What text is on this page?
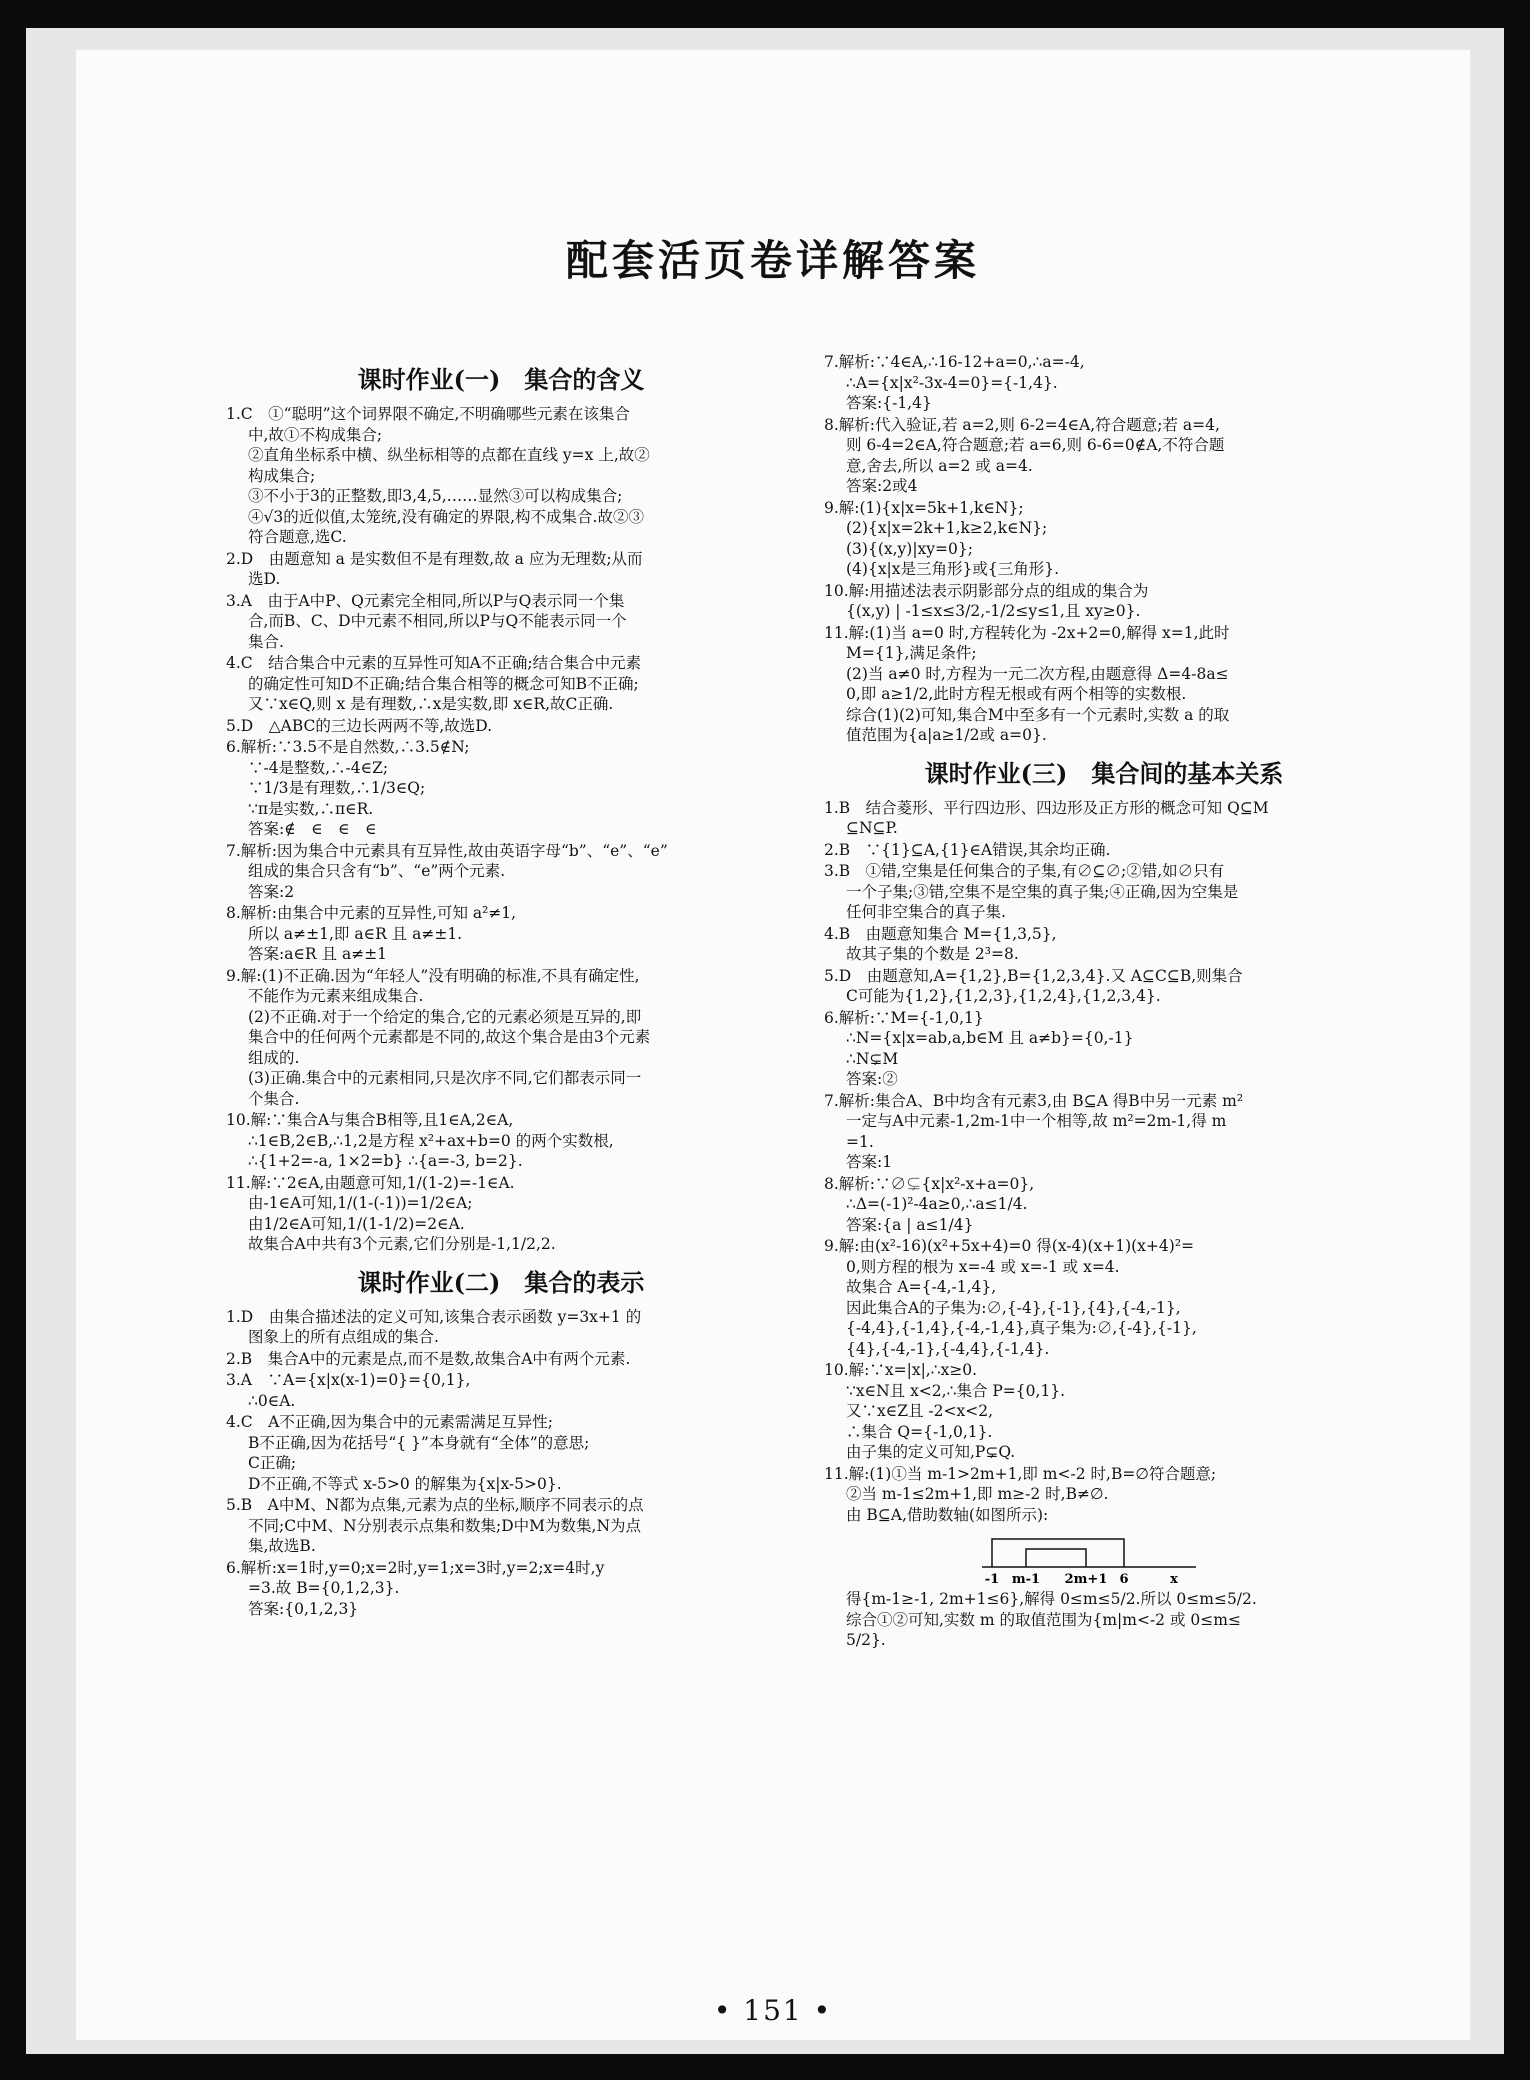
配套活页卷详解答案
课时作业(一)　集合的含义
1.C　①“聪明”这个词界限不确定,不明确哪些元素在该集合
中,故①不构成集合;
②直角坐标系中横、纵坐标相等的点都在直线 y=x 上,故②
构成集合;
③不小于3的正整数,即3,4,5,……显然③可以构成集合;
④√3的近似值,太笼统,没有确定的界限,构不成集合.故②③
符合题意,选C.
2.D　由题意知 a 是实数但不是有理数,故 a 应为无理数;从而
选D.
3.A　由于A中P、Q元素完全相同,所以P与Q表示同一个集
合,而B、C、D中元素不相同,所以P与Q不能表示同一个
集合.
4.C　结合集合中元素的互异性可知A不正确;结合集合中元素
的确定性可知D不正确;结合集合相等的概念可知B不正确;
又∵x∈Q,则 x 是有理数,∴x是实数,即 x∈R,故C正确.
5.D　△ABC的三边长两两不等,故选D.
6.解析:∵3.5不是自然数,∴3.5∉N;
∵-4是整数,∴-4∈Z;
∵1/3是有理数,∴1/3∈Q;
∵π是实数,∴π∈R.
答案:∉　∈　∈　∈
7.解析:因为集合中元素具有互异性,故由英语字母“b”、“e”、“e”
组成的集合只含有“b”、“e”两个元素.
答案:2
8.解析:由集合中元素的互异性,可知 a²≠1,
所以 a≠±1,即 a∈R 且 a≠±1.
答案:a∈R 且 a≠±1
9.解:(1)不正确.因为“年轻人”没有明确的标准,不具有确定性,
不能作为元素来组成集合.
(2)不正确.对于一个给定的集合,它的元素必须是互异的,即
集合中的任何两个元素都是不同的,故这个集合是由3个元素
组成的.
(3)正确.集合中的元素相同,只是次序不同,它们都表示同一
个集合.
10.解:∵集合A与集合B相等,且1∈A,2∈A,
∴1∈B,2∈B,∴1,2是方程 x²+ax+b=0 的两个实数根,
∴{1+2=-a, 1×2=b} ∴{a=-3, b=2}.
11.解:∵2∈A,由题意可知,1/(1-2)=-1∈A.
由-1∈A可知,1/(1-(-1))=1/2∈A;
由1/2∈A可知,1/(1-1/2)=2∈A.
故集合A中共有3个元素,它们分别是-1,1/2,2.
课时作业(二)　集合的表示
1.D　由集合描述法的定义可知,该集合表示函数 y=3x+1 的
图象上的所有点组成的集合.
2.B　集合A中的元素是点,而不是数,故集合A中有两个元素.
3.A　∵A={x|x(x-1)=0}={0,1},
∴0∈A.
4.C　A不正确,因为集合中的元素需满足互异性;
B不正确,因为花括号“{ }”本身就有“全体”的意思;
C正确;
D不正确,不等式 x-5>0 的解集为{x|x-5>0}.
5.B　A中M、N都为点集,元素为点的坐标,顺序不同表示的点
不同;C中M、N分别表示点集和数集;D中M为数集,N为点
集,故选B.
6.解析:x=1时,y=0;x=2时,y=1;x=3时,y=2;x=4时,y
=3.故 B={0,1,2,3}.
答案:{0,1,2,3}
7.解析:∵4∈A,∴16-12+a=0,∴a=-4,
∴A={x|x²-3x-4=0}={-1,4}.
答案:{-1,4}
8.解析:代入验证,若 a=2,则 6-2=4∈A,符合题意;若 a=4,
则 6-4=2∈A,符合题意;若 a=6,则 6-6=0∉A,不符合题
意,舍去,所以 a=2 或 a=4.
答案:2或4
9.解:(1){x|x=5k+1,k∈N};
(2){x|x=2k+1,k≥2,k∈N};
(3){(x,y)|xy=0};
(4){x|x是三角形}或{三角形}.
10.解:用描述法表示阴影部分点的组成的集合为
{(x,y) | -1≤x≤3/2,-1/2≤y≤1,且 xy≥0}.
11.解:(1)当 a=0 时,方程转化为 -2x+2=0,解得 x=1,此时
M={1},满足条件;
(2)当 a≠0 时,方程为一元二次方程,由题意得 Δ=4-8a≤
0,即 a≥1/2,此时方程无根或有两个相等的实数根.
综合(1)(2)可知,集合M中至多有一个元素时,实数 a 的取
值范围为{a|a≥1/2或 a=0}.
课时作业(三)　集合间的基本关系
1.B　结合菱形、平行四边形、四边形及正方形的概念可知 Q⊆M
⊆N⊆P.
2.B　∵{1}⊆A,{1}∈A错误,其余均正确.
3.B　①错,空集是任何集合的子集,有∅⊆∅;②错,如∅只有
一个子集;③错,空集不是空集的真子集;④正确,因为空集是
任何非空集合的真子集.
4.B　由题意知集合 M={1,3,5},
故其子集的个数是 2³=8.
5.D　由题意知,A={1,2},B={1,2,3,4}.又 A⊆C⊆B,则集合
C可能为{1,2},{1,2,3},{1,2,4},{1,2,3,4}.
6.解析:∵M={-1,0,1}
∴N={x|x=ab,a,b∈M 且 a≠b}={0,-1}
∴N⊊M
答案:②
7.解析:集合A、B中均含有元素3,由 B⊆A 得B中另一元素 m²
一定与A中元素-1,2m-1中一个相等,故 m²=2m-1,得 m
=1.
答案:1
8.解析:∵∅⊊{x|x²-x+a=0},
∴Δ=(-1)²-4a≥0,∴a≤1/4.
答案:{a | a≤1/4}
9.解:由(x²-16)(x²+5x+4)=0 得(x-4)(x+1)(x+4)²=
0,则方程的根为 x=-4 或 x=-1 或 x=4.
故集合 A={-4,-1,4},
因此集合A的子集为:∅,{-4},{-1},{4},{-4,-1},
{-4,4},{-1,4},{-4,-1,4},真子集为:∅,{-4},{-1},
{4},{-4,-1},{-4,4},{-1,4}.
10.解:∵x=|x|,∴x≥0.
∵x∈N且 x<2,∴集合 P={0,1}.
又∵x∈Z且 -2<x<2,
∴集合 Q={-1,0,1}.
由子集的定义可知,P⊊Q.
11.解:(1)①当 m-1>2m+1,即 m<-2 时,B=∅符合题意;
②当 m-1≤2m+1,即 m≥-2 时,B≠∅.
由 B⊆A,借助数轴(如图所示):
-1 m-1 2m+1 6	x
得{m-1≥-1, 2m+1≤6},解得 0≤m≤5/2.所以 0≤m≤5/2.
综合①②可知,实数 m 的取值范围为{m|m<-2 或 0≤m≤
5/2}.
• 151 •
